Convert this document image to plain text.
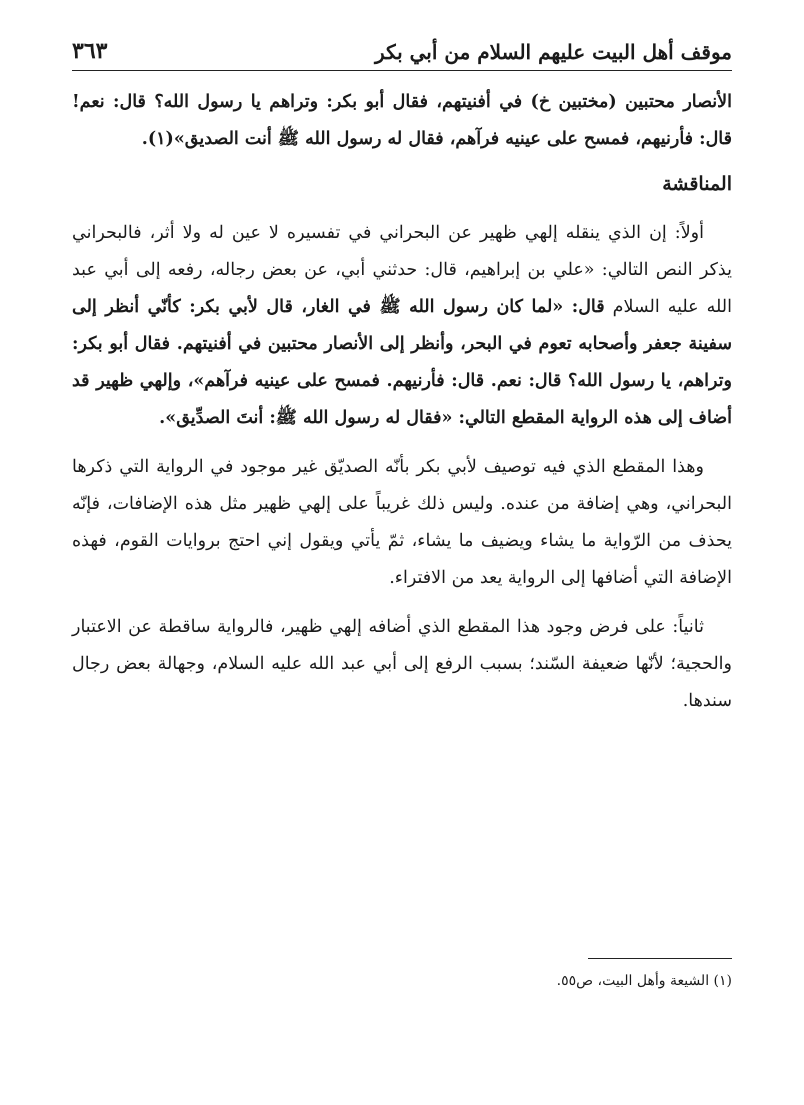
موقف أهل البيت عليهم السلام من أبي بكر
٣٦٣

الأنصار محتبين (مختبين خ) في أفنيتهم، فقال أبو بكر: وتراهم يا رسول الله؟ قال: نعم! قال: فأرنيهم، فمسح على عينيه فرآهم، فقال له رسول الله ﷺ أنت الصديق»(١).

المناقشة

أولاً: إن الذي ينقله إلهي ظهير عن البحراني في تفسيره لا عين له ولا أثر، فالبحراني يذكر النص التالي: «علي بن إبراهيم، قال: حدثني أبي، عن بعض رجاله، رفعه إلى أبي عبد الله عليه السلام قال: «لما كان رسول الله ﷺ في الغار، قال لأبي بكر: كأنّي أنظر إلى سفينة جعفر وأصحابه تعوم في البحر، وأنظر إلى الأنصار محتبين في أفنيتهم. فقال أبو بكر: وتراهم، يا رسول الله؟ قال: نعم. قال: فأرنيهم. فمسح على عينيه فرآهم»، وإلهي ظهير قد أضاف إلى هذه الرواية المقطع التالي: «فقال له رسول الله ﷺ: أنتَ الصدِّيق».

وهذا المقطع الذي فيه توصيف لأبي بكر بأنّه الصديّق غير موجود في الرواية التي ذكرها البحراني، وهي إضافة من عنده. وليس ذلك غريباً على إلهي ظهير مثل هذه الإضافات، فإنّه يحذف من الرّواية ما يشاء ويضيف ما يشاء، ثمّ يأتي ويقول إني احتج بروايات القوم، فهذه الإضافة التي أضافها إلى الرواية يعد من الافتراء.

ثانياً: على فرض وجود هذا المقطع الذي أضافه إلهي ظهير، فالرواية ساقطة عن الاعتبار والحجية؛ لأنّها ضعيفة السّند؛ بسبب الرفع إلى أبي عبد الله عليه السلام، وجهالة بعض رجال سندها.

(١) الشيعة وأهل البيت، ص٥٥.
